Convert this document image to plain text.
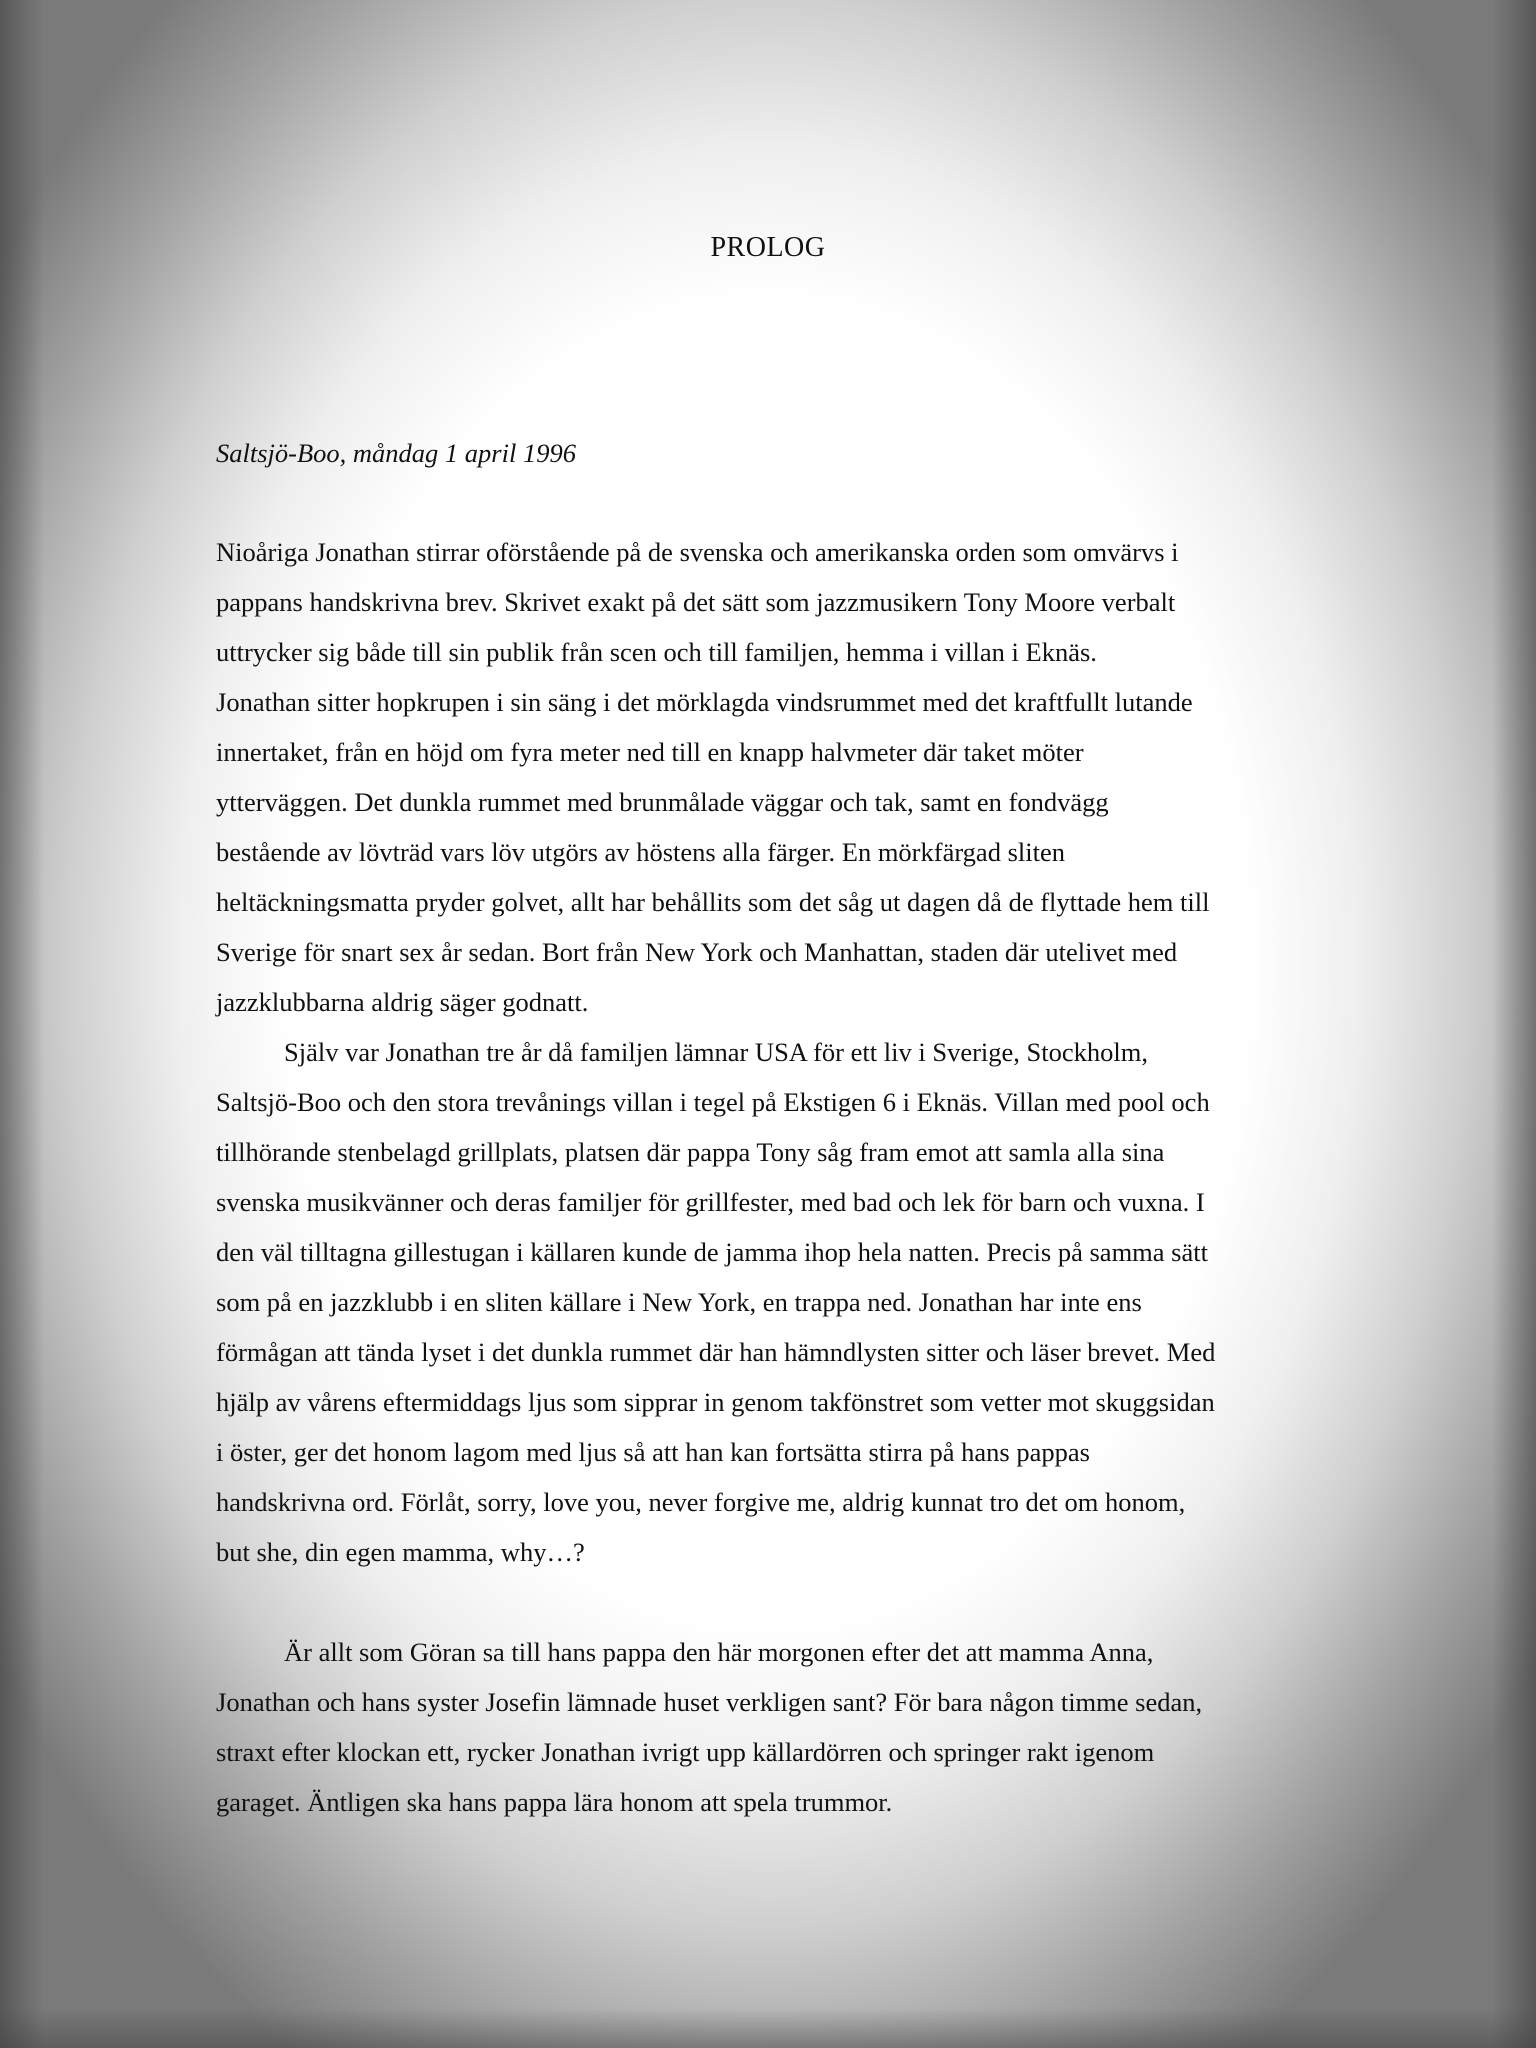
PROLOG
Saltsjö-Boo, måndag 1 april 1996

Nioåriga Jonathan stirrar oförstående på de svenska och amerikanska orden som omvärvs i
pappans handskrivna brev. Skrivet exakt på det sätt som jazzmusikern Tony Moore verbalt
uttrycker sig både till sin publik från scen och till familjen, hemma i villan i Eknäs.
Jonathan sitter hopkrupen i sin säng i det mörklagda vindsrummet med det kraftfullt lutande
innertaket, från en höjd om fyra meter ned till en knapp halvmeter där taket möter
ytterväggen. Det dunkla rummet med brunmålade väggar och tak, samt en fondvägg
bestående av lövträd vars löv utgörs av höstens alla färger. En mörkfärgad sliten
heltäckningsmatta pryder golvet, allt har behållits som det såg ut dagen då de flyttade hem till
Sverige för snart sex år sedan. Bort från New York och Manhattan, staden där utelivet med
jazzklubbarna aldrig säger godnatt.

Själv var Jonathan tre år då familjen lämnar USA för ett liv i Sverige, Stockholm,
Saltsjö-Boo och den stora trevånings villan i tegel på Ekstigen 6 i Eknäs. Villan med pool och
tillhörande stenbelagd grillplats, platsen där pappa Tony såg fram emot att samla alla sina
svenska musikvänner och deras familjer för grillfester, med bad och lek för barn och vuxna. I
den väl tilltagna gillestugan i källaren kunde de jamma ihop hela natten. Precis på samma sätt
som på en jazzklubb i en sliten källare i New York, en trappa ned. Jonathan har inte ens
förmågan att tända lyset i det dunkla rummet där han hämndlysten sitter och läser brevet. Med
hjälp av vårens eftermiddags ljus som sipprar in genom takfönstret som vetter mot skuggsidan
i öster, ger det honom lagom med ljus så att han kan fortsätta stirra på hans pappas
handskrivna ord. Förlåt, sorry, love you, never forgive me, aldrig kunnat tro det om honom,
but she, din egen mamma, why…?

Är allt som Göran sa till hans pappa den här morgonen efter det att mamma Anna,
Jonathan och hans syster Josefin lämnade huset verkligen sant? För bara någon timme sedan,
straxt efter klockan ett, rycker Jonathan ivrigt upp källardörren och springer rakt igenom
garaget. Äntligen ska hans pappa lära honom att spela trummor.
